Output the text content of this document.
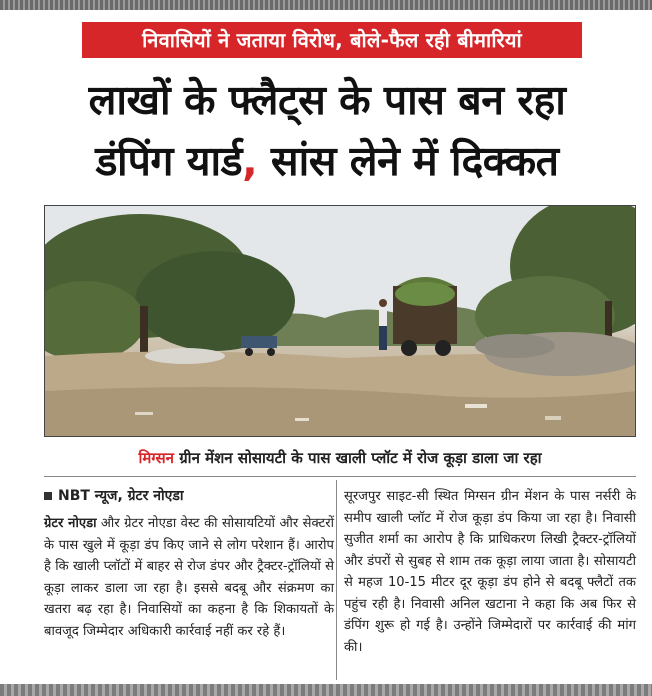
निवासियों ने जताया विरोध, बोले-फैल रही बीमारियां
लाखों के फ्लैट्स के पास बन रहा
डंपिंग यार्ड, सांस लेने में दिक्कत
मिग्सन ग्रीन मेंशन सोसायटी के पास खाली प्लॉट में रोज कूड़ा डाला जा रहा
NBT न्यूज, ग्रेटर नोएडा

ग्रेटर नोएडा और ग्रेटर नोएडा वेस्ट की सोसायटियों और सेक्टरों के पास खुले में कूड़ा डंप किए जाने से लोग परेशान हैं। आरोप है कि खाली प्लॉटों में बाहर से रोज डंपर और ट्रैक्टर-ट्रॉलियों से कूड़ा लाकर डाला जा रहा है। इससे बदबू और संक्रमण का खतरा बढ़ रहा है। निवासियों का कहना है कि शिकायतों के बावजूद जिम्मेदार अधिकारी कार्रवाई नहीं कर रहे हैं।

सूरजपुर साइट-सी स्थित मिग्सन ग्रीन मेंशन के पास नर्सरी के समीप खाली प्लॉट में रोज कूड़ा डंप किया जा रहा है। निवासी सुजीत शर्मा का आरोप है कि प्राधिकरण लिखी ट्रैक्टर-ट्रॉलियों और डंपरों से सुबह से शाम तक कूड़ा लाया जाता है। सोसायटी से महज 10-15 मीटर दूर कूड़ा डंप होने से बदबू फ्लैटों तक पहुंच रही है। निवासी अनिल खटाना ने कहा कि अब फिर से डंपिंग शुरू हो गई है। उन्होंने जिम्मेदारों पर कार्रवाई की मांग की।
